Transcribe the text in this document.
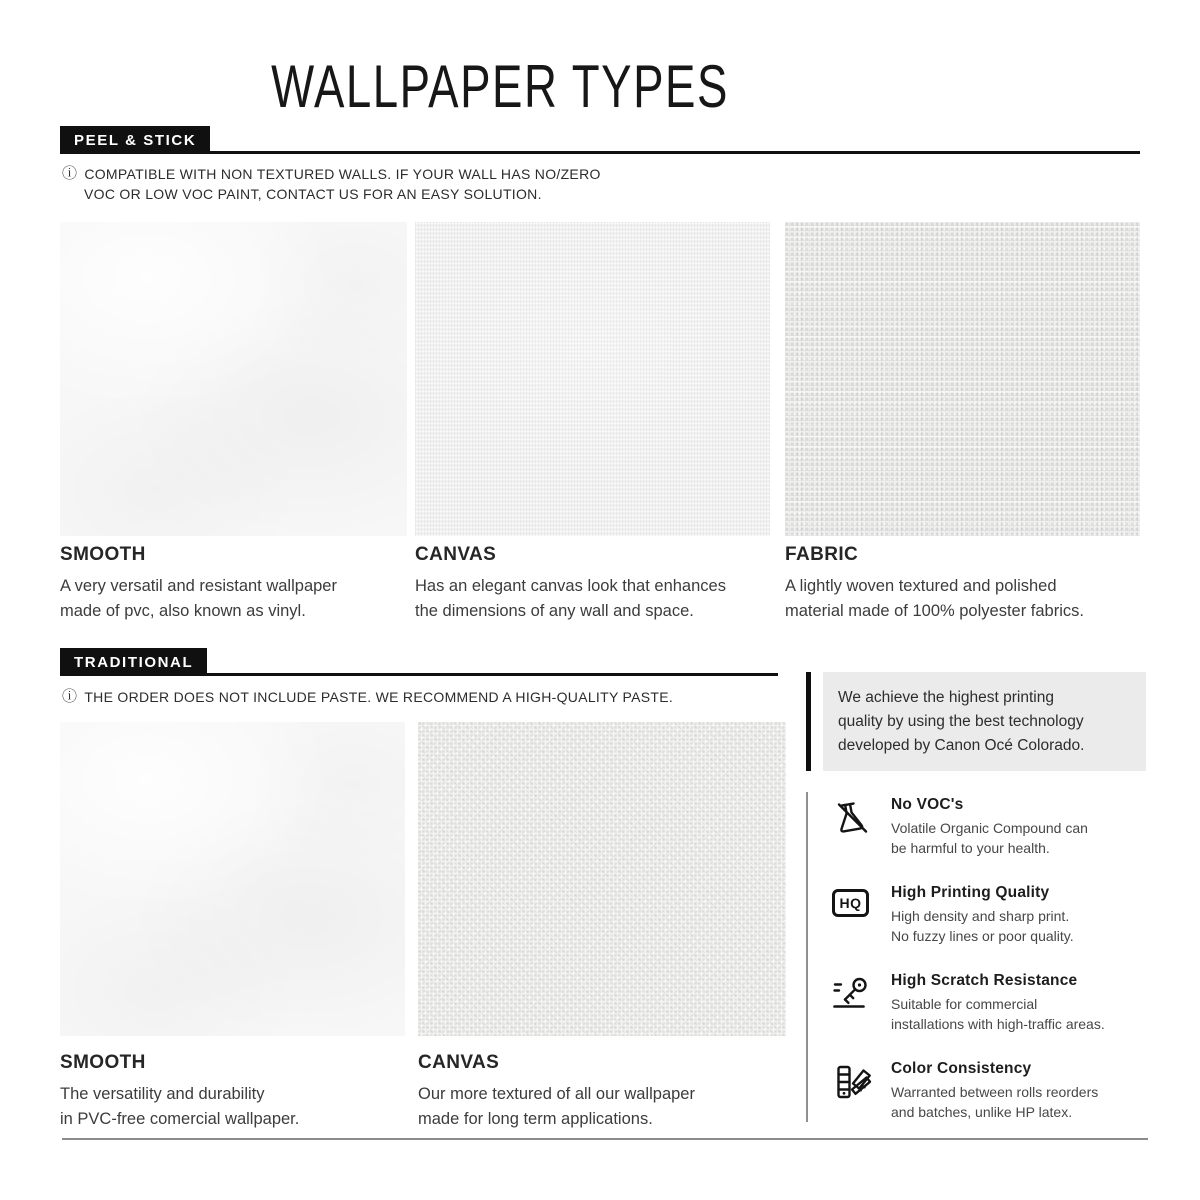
WALLPAPER TYPES
PEEL & STICK
ⓘ COMPATIBLE WITH NON TEXTURED WALLS. IF YOUR WALL HAS NO/ZERO
VOC OR LOW VOC PAINT, CONTACT US FOR AN EASY SOLUTION.
SMOOTH
A very versatil and resistant wallpaper
made of pvc, also known as vinyl.
CANVAS
Has an elegant canvas look that enhances
the dimensions of any wall and space.
FABRIC
A lightly woven textured and polished
material made of 100% polyester fabrics.
TRADITIONAL
ⓘ THE ORDER DOES NOT INCLUDE PASTE. WE RECOMMEND A HIGH-QUALITY PASTE.
SMOOTH
The versatility and durability
in PVC-free comercial wallpaper.
CANVAS
Our more textured of all our wallpaper
made for long term applications.
We achieve the highest printing
quality by using the best technology
developed by Canon Océ Colorado.
No VOC's
Volatile Organic Compound can
be harmful to your health.
HQ
High Printing Quality
High density and sharp print.
No fuzzy lines or poor quality.
High Scratch Resistance
Suitable for commercial
installations with high-traffic areas.
Color Consistency
Warranted between rolls reorders
and batches, unlike HP latex.
